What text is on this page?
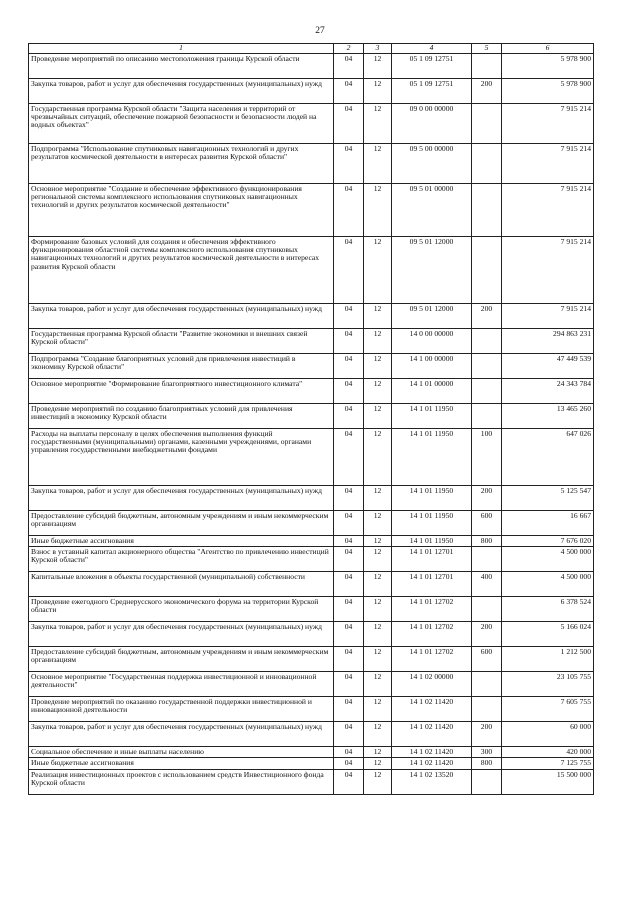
27
1	2	3	4	5	6
Проведение мероприятий по описанию местоположения границы Курской области	04	12	05 1 09 12751		5 978 900
Закупка товаров, работ и услуг для обеспечения государственных (муниципальных) нужд	04	12	05 1 09 12751	200	5 978 900
Государственная программа Курской области "Защита населения и территорий от чрезвычайных ситуаций, обеспечение пожарной безопасности и безопасности людей на водных объектах"	04	12	09 0 00 00000		7 915 214
Подпрограмма "Использование спутниковых навигационных технологий и других результатов космической деятельности в интересах развития Курской области"	04	12	09 5 00 00000		7 915 214
Основное мероприятие "Создание и обеспечение эффективного функционирования региональной системы комплексного использования спутниковых навигационных технологий и других результатов космической деятельности"	04	12	09 5 01 00000		7 915 214
Формирование базовых условий для создания и обеспечения эффективного функционирования областной системы комплексного использования спутниковых навигационных технологий и других результатов космической деятельности в интересах развития Курской области	04	12	09 5 01 12000		7 915 214
Закупка товаров, работ и услуг для обеспечения государственных (муниципальных) нужд	04	12	09 5 01 12000	200	7 915 214
Государственная программа Курской области "Развитие экономики и внешних связей Курской области"	04	12	14 0 00 00000		294 863 231
Подпрограмма "Создание благоприятных условий для привлечения инвестиций в экономику Курской области"	04	12	14 1 00 00000		47 449 539
Основное мероприятие "Формирование благоприятного инвестиционного климата"	04	12	14 1 01 00000		24 343 784
Проведение мероприятий по созданию благоприятных условий для привлечения инвестиций в экономику Курской области	04	12	14 1 01 11950		13 465 260
Расходы на выплаты персоналу в целях обеспечения выполнения функций государственными (муниципальными) органами, казенными учреждениями, органами управления государственными внебюджетными фондами	04	12	14 1 01 11950	100	647 026
Закупка товаров, работ и услуг для обеспечения государственных (муниципальных) нужд	04	12	14 1 01 11950	200	5 125 547
Предоставление субсидий бюджетным, автономным учреждениям и иным некоммерческим организациям	04	12	14 1 01 11950	600	16 667
Иные бюджетные ассигнования	04	12	14 1 01 11950	800	7 676 020
Взнос в уставный капитал акционерного общества "Агентство по привлечению инвестиций Курской области"	04	12	14 1 01 12701		4 500 000
Капитальные вложения в объекты государственной (муниципальной) собственности	04	12	14 1 01 12701	400	4 500 000
Проведение ежегодного Среднерусского экономического форума на территории Курской области	04	12	14 1 01 12702		6 378 524
Закупка товаров, работ и услуг для обеспечения государственных (муниципальных) нужд	04	12	14 1 01 12702	200	5 166 024
Предоставление субсидий бюджетным, автономным учреждениям и иным некоммерческим организациям	04	12	14 1 01 12702	600	1 212 500
Основное мероприятие "Государственная поддержка инвестиционной и инновационной деятельности"	04	12	14 1 02 00000		23 105 755
Проведение мероприятий по оказанию государственной поддержки инвестиционной и инновационной деятельности	04	12	14 1 02 11420		7 605 755
Закупка товаров, работ и услуг для обеспечения государственных (муниципальных) нужд	04	12	14 1 02 11420	200	60 000
Социальное обеспечение и иные выплаты населению	04	12	14 1 02 11420	300	420 000
Иные бюджетные ассигнования	04	12	14 1 02 11420	800	7 125 755
Реализация инвестиционных проектов с использованием средств Инвестиционного фонда Курской области	04	12	14 1 02 13520		15 500 000
